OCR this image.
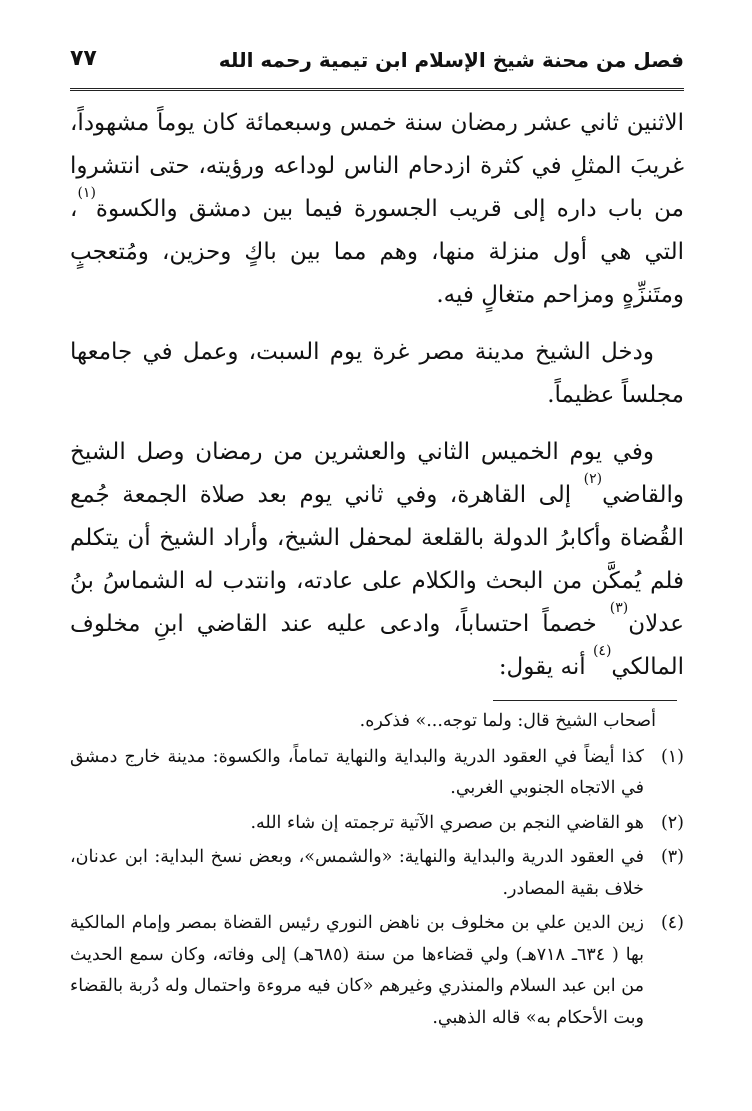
فصل من محنة شيخ الإسلام ابن تيمية رحمه الله
٧٧

الاثنين ثاني عشر رمضان سنة خمس وسبعمائة كان يوماً مشهوداً، غريبَ المثلِ في كثرة ازدحام الناس لوداعه ورؤيته، حتى انتشروا من باب داره إلى قريب الجسورة فيما بين دمشق والكسوة$^{(١)}$، التي هي أول منزلة منها، وهم مما بين باكٍ وحزين، ومُتعجبٍ ومتَنزِّهٍ ومزاحم متغالٍ فيه.

ودخل الشيخ مدينة مصر غرة يوم السبت، وعمل في جامعها مجلساً عظيماً.

وفي يوم الخميس الثاني والعشرين من رمضان وصل الشيخ والقاضي$^{(٢)}$ إلى القاهرة، وفي ثاني يوم بعد صلاة الجمعة جُمع القُضاة وأكابرُ الدولة بالقلعة لمحفل الشيخ، وأراد الشيخ أن يتكلم فلم يُمكَّن من البحث والكلام على عادته، وانتدب له الشماسُ بنُ عدلان$^{(٣)}$ خصماً احتساباً، وادعى عليه عند القاضي ابنِ مخلوف المالكي$^{(٤)}$ أنه يقول:

أصحاب الشيخ قال: ولما توجه...» فذكره.
(١)
كذا أيضاً في العقود الدرية والبداية والنهاية تماماً، والكسوة: مدينة خارج دمشق في الاتجاه الجنوبي الغربي.
(٢)
هو القاضي النجم بن صصري الآتية ترجمته إن شاء الله.
(٣)
في العقود الدرية والبداية والنهاية: «والشمس»، وبعض نسخ البداية: ابن عدنان، خلاف بقية المصادر.
(٤)
زين الدين علي بن مخلوف بن ناهض النوري رئيس القضاة بمصر وإمام المالكية بها ( ٦٣٤ـ ٧١٨هـ) ولي قضاءها من سنة (٦٨٥هـ) إلى وفاته، وكان سمع الحديث من ابن عبد السلام والمنذري وغيرهم «كان فيه مروءة واحتمال وله دُربة بالقضاء وبت الأحكام به» قاله الذهبي.
